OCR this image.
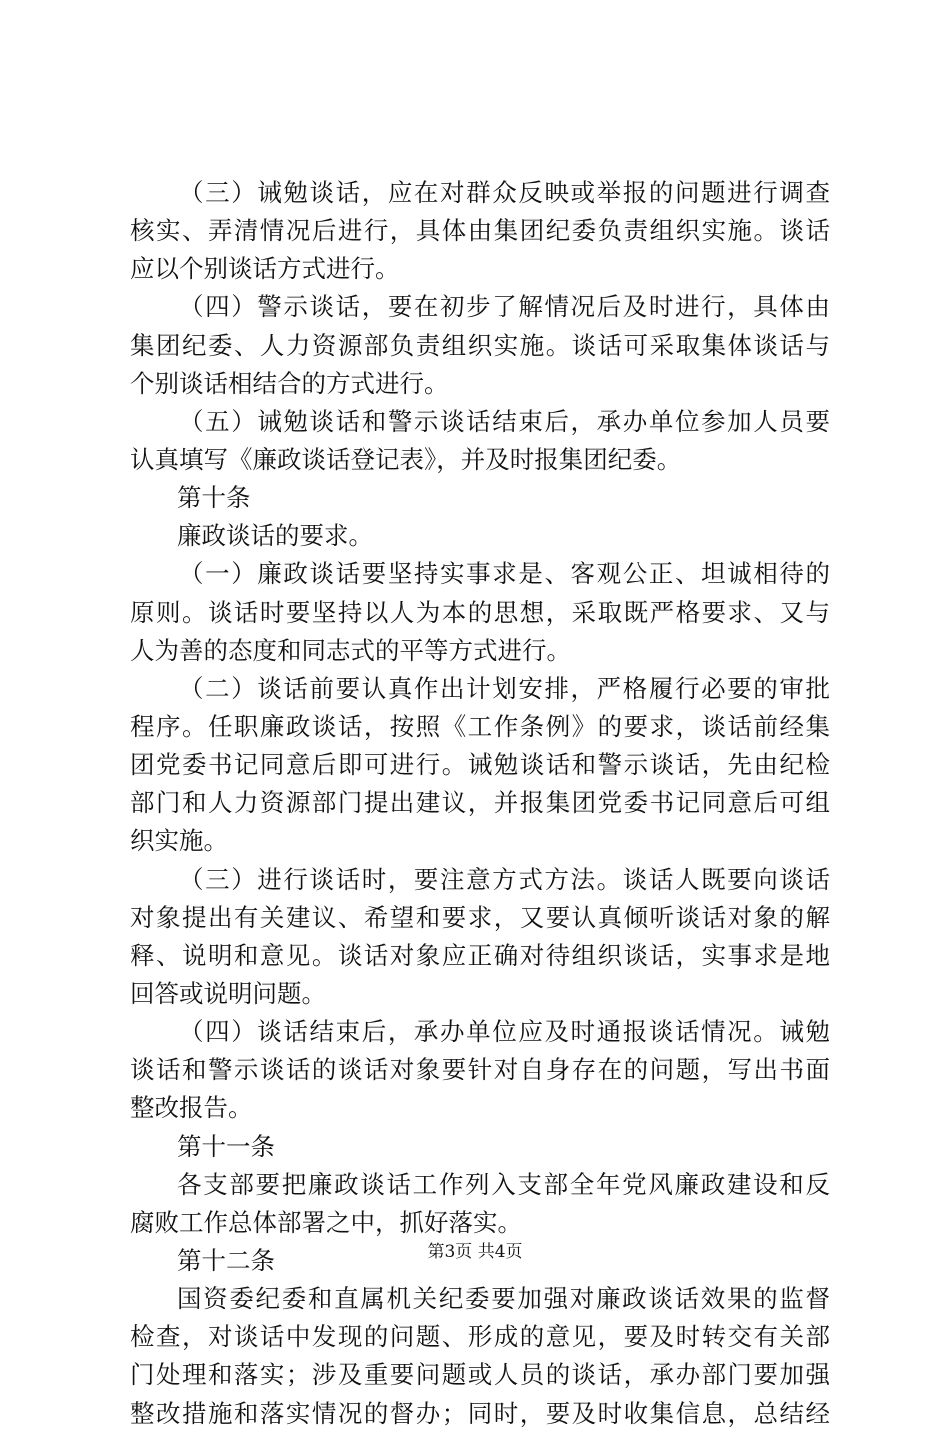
（三）诫勉谈话，应在对群众反映或举报的问题进行调查
核实、弄清情况后进行，具体由集团纪委负责组织实施。谈话
应以个别谈话方式进行。
（四）警示谈话，要在初步了解情况后及时进行，具体由
集团纪委、人力资源部负责组织实施。谈话可采取集体谈话与
个别谈话相结合的方式进行。
（五）诫勉谈话和警示谈话结束后，承办单位参加人员要
认真填写《廉政谈话登记表》，并及时报集团纪委。
第十条
廉政谈话的要求。
（一）廉政谈话要坚持实事求是、客观公正、坦诚相待的
原则。谈话时要坚持以人为本的思想，采取既严格要求、又与
人为善的态度和同志式的平等方式进行。
（二）谈话前要认真作出计划安排，严格履行必要的审批
程序。任职廉政谈话，按照《工作条例》的要求，谈话前经集
团党委书记同意后即可进行。诫勉谈话和警示谈话，先由纪检
部门和人力资源部门提出建议，并报集团党委书记同意后可组
织实施。
（三）进行谈话时，要注意方式方法。谈话人既要向谈话
对象提出有关建议、希望和要求，又要认真倾听谈话对象的解
释、说明和意见。谈话对象应正确对待组织谈话，实事求是地
回答或说明问题。
（四）谈话结束后，承办单位应及时通报谈话情况。诫勉
谈话和警示谈话的谈话对象要针对自身存在的问题，写出书面
整改报告。
第十一条
各支部要把廉政谈话工作列入支部全年党风廉政建设和反
腐败工作总体部署之中，抓好落实。
第十二条
国资委纪委和直属机关纪委要加强对廉政谈话效果的监督
检查，对谈话中发现的问题、形成的意见，要及时转交有关部
门处理和落实；涉及重要问题或人员的谈话，承办部门要加强
整改措施和落实情况的督办；同时，要及时收集信息，总结经
第3页 共4页
